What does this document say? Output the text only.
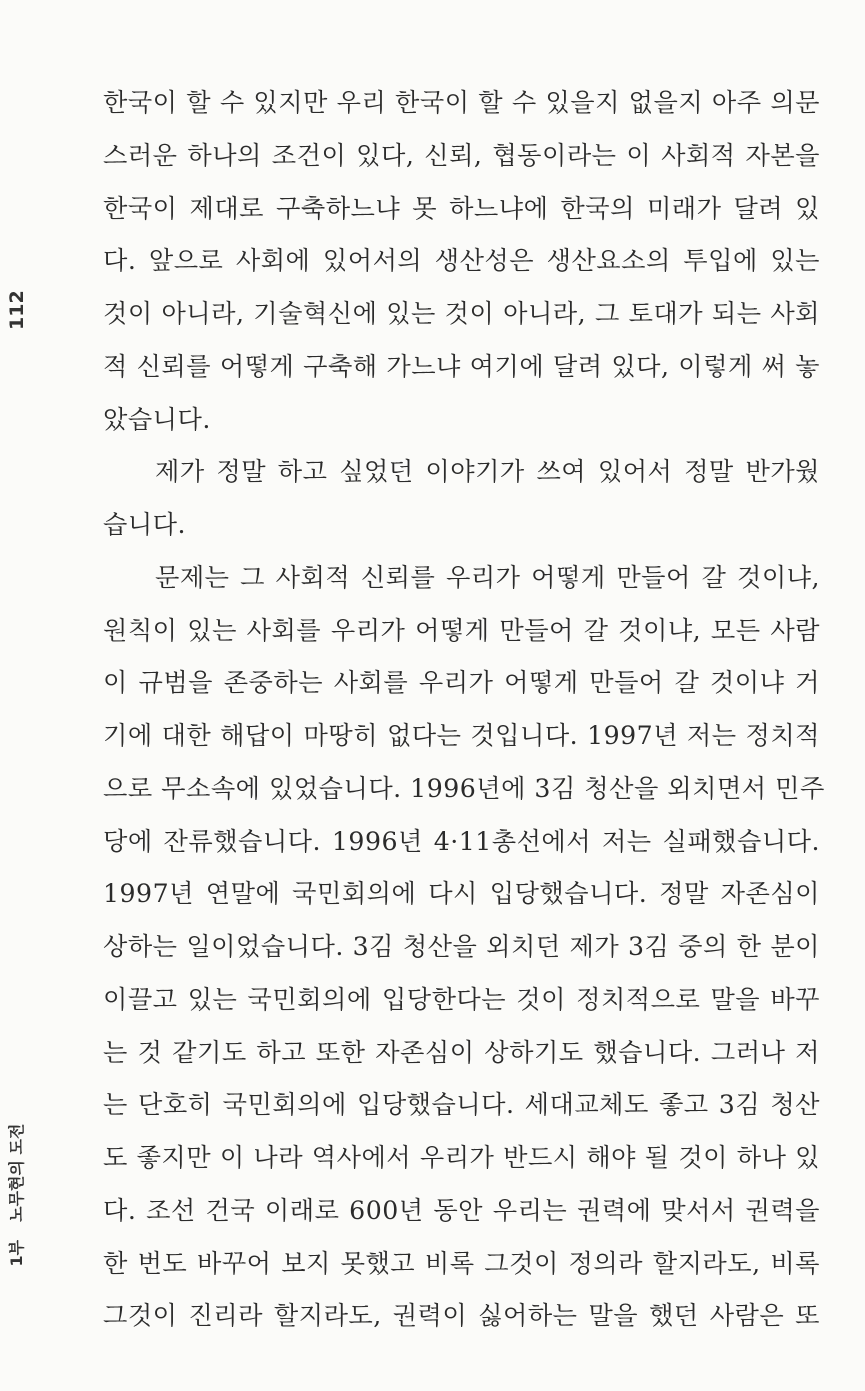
112
1부노무현의 도전
한국이 할 수 있지만 우리 한국이 할 수 있을지 없을지 아주 의문
스러운 하나의 조건이 있다, 신뢰, 협동이라는 이 사회적 자본을
한국이 제대로 구축하느냐 못 하느냐에 한국의 미래가 달려 있
다. 앞으로 사회에 있어서의 생산성은 생산요소의 투입에 있는
것이 아니라, 기술혁신에 있는 것이 아니라, 그 토대가 되는 사회
적 신뢰를 어떻게 구축해 가느냐 여기에 달려 있다, 이렇게 써 놓
았습니다.
제가 정말 하고 싶었던 이야기가 쓰여 있어서 정말 반가웠
습니다.
문제는 그 사회적 신뢰를 우리가 어떻게 만들어 갈 것이냐,
원칙이 있는 사회를 우리가 어떻게 만들어 갈 것이냐, 모든 사람
이 규범을 존중하는 사회를 우리가 어떻게 만들어 갈 것이냐 거
기에 대한 해답이 마땅히 없다는 것입니다. 1997년 저는 정치적
으로 무소속에 있었습니다. 1996년에 3김 청산을 외치면서 민주
당에 잔류했습니다. 1996년 4·11총선에서 저는 실패했습니다.
1997년 연말에 국민회의에 다시 입당했습니다. 정말 자존심이
상하는 일이었습니다. 3김 청산을 외치던 제가 3김 중의 한 분이
이끌고 있는 국민회의에 입당한다는 것이 정치적으로 말을 바꾸
는 것 같기도 하고 또한 자존심이 상하기도 했습니다. 그러나 저
는 단호히 국민회의에 입당했습니다. 세대교체도 좋고 3김 청산
도 좋지만 이 나라 역사에서 우리가 반드시 해야 될 것이 하나 있
다. 조선 건국 이래로 600년 동안 우리는 권력에 맞서서 권력을
한 번도 바꾸어 보지 못했고 비록 그것이 정의라 할지라도, 비록
그것이 진리라 할지라도, 권력이 싫어하는 말을 했던 사람은 또
